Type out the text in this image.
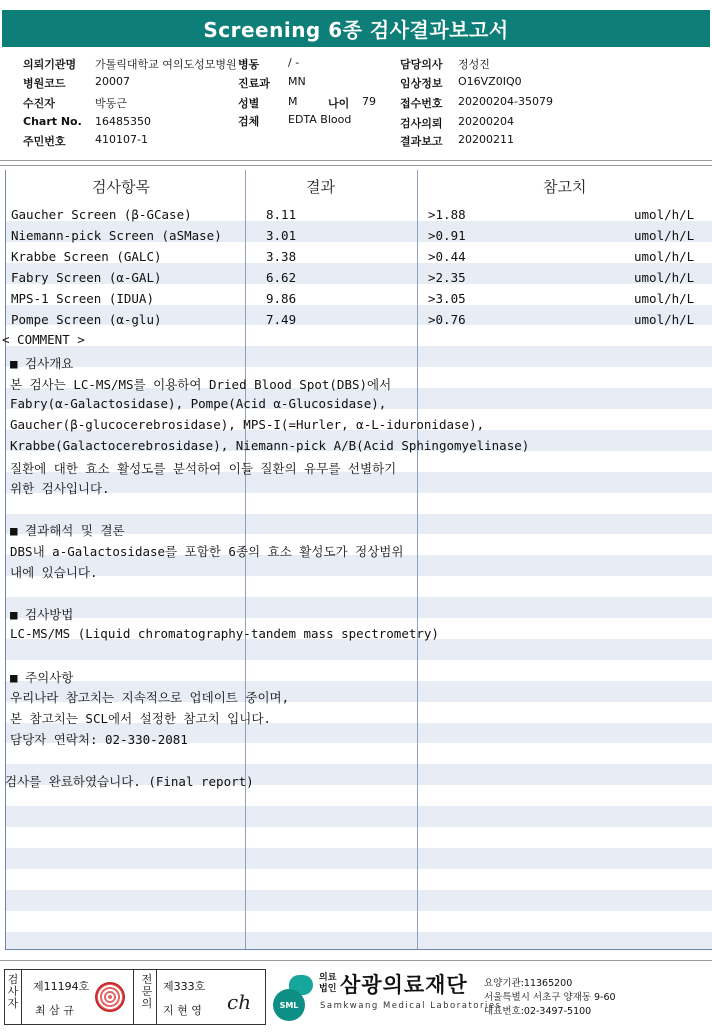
Screening 6종 검사결과보고서
의뢰기관명 가톨릭대학교 여의도성모병원 병동	/ -	담당의사 정성진
병원코드	20007	진료과 MN	임상정보 O16VZ0IQ0
수진자	박동근	성별	M	나이 79 접수번호 20200204-35079
Chart No. 16485350	검체	EDTA Blood	검사의뢰 20200204
주민번호	410107-1	결과보고 20200211
검사항목	결과	참고치
Gaucher Screen (β-GCase)	8.11	>1.88	umol/h/L
Niemann-pick Screen (aSMase)	3.01	>0.91	umol/h/L
Krabbe Screen (GALC)	3.38	>0.44	umol/h/L
Fabry Screen (α-GAL)	6.62	>2.35	umol/h/L
MPS-1 Screen (IDUA)	9.86	>3.05	umol/h/L
Pompe Screen (α-glu)	7.49	>0.76	umol/h/L
< COMMENT >
■ 검사개요
본 검사는 LC-MS/MS를 이용하여 Dried Blood Spot(DBS)에서
Fabry(α-Galactosidase), Pompe(Acid α-Glucosidase),
Gaucher(β-glucocerebrosidase), MPS-I(=Hurler, α-L-iduronidase),
Krabbe(Galactocerebrosidase), Niemann-pick A/B(Acid Sphingomyelinase)
질환에 대한 효소 활성도를 분석하여 이들 질환의 유무를 선별하기
위한 검사입니다.
■ 결과해석 및 결론
DBS내 a-Galactosidase를 포함한 6종의 효소 활성도가 정상범위
내에 있습니다.
■ 검사방법
LC-MS/MS (Liquid chromatography-tandem mass spectrometry)
■ 주의사항
우리나라 참고치는 지속적으로 업데이트 중이며,
본 참고치는 SCL에서 설정한 참고치 입니다.
담당자 연락처: 02-330-2081
검사를 완료하였습니다. (Final report)
검사자
제11194호
최 삼 규
전문의
제333호
지 현 영 ch	SML
의료법인 삼광의료재단
Samkwang Medical Laboratories
요양기관:11365200
서울특별시 서초구 양재동 9-60
대표번호:02-3497-5100
